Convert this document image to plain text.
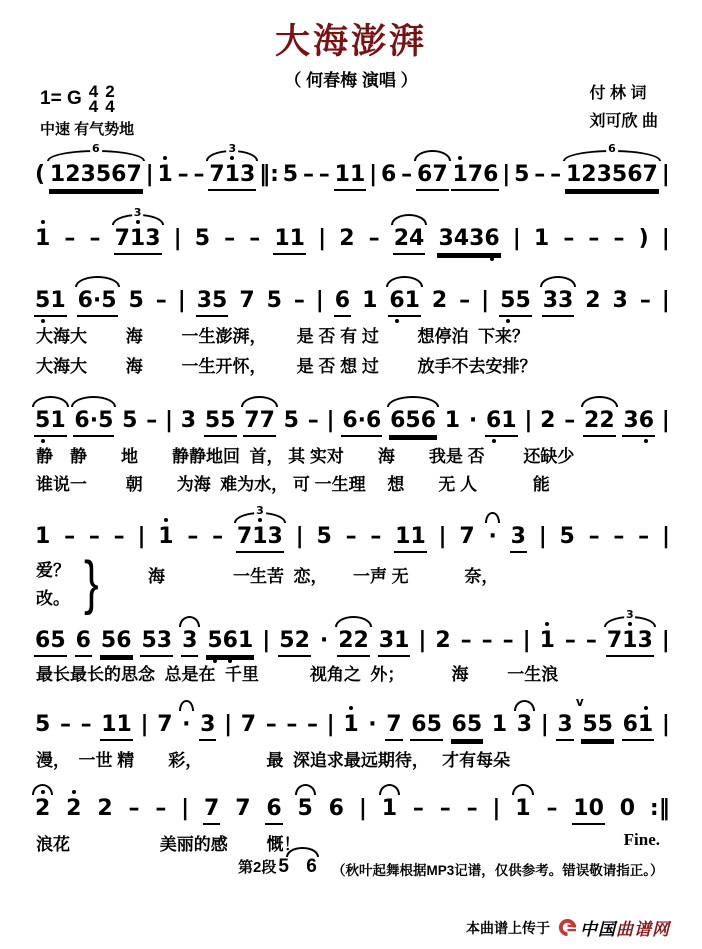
大海澎湃
（ 何春梅 演唱 ）
1= G 4
4
2
4
中速 有气势地
付 林 词
刘可欣 曲
( 123567
6
| 1 – – 713
3
‖: 5 – – 11 | 6 – 67 176 | 5 – – 123567
6
|
1 – – 713
3
| 5 – – 11 | 2 – 24 3436 | 1 – – – ) |
51 6·5 5 – | 35 7 5 – | 6 1 61 2 – | 55 33 2 3 – |
51 6·5 5 – | 3 55 77 5 – | 6·6 656 1 · 61 | 2 – 22 36 |
1 – – – | 1 – – 713
3
| 5 – – 11 | 7 · 3 | 5 – – – |
65 6 56 53 3 561 | 52 · 22 31 | 2 – – – | 1 – – 713
3
|
5 – – 11 | 7 · 3 | 7 – – – | 1 · 7 65 65 1 3 | 3
v
55 61 |
2 2 2 – – | 7 7 6 5 6 | 1 – – – | 1 – 10 0 :‖
大海大　　 海　　 一生澎湃，　　 是 否 有 过　　 想停泊  下来？
大海大　　 海　　 一生开怀，　　 是 否 想 过　　 放手不去安排？
静　静　　地　　静静地回  首， 其 实对　　海　　我是 否　　 还缺少
谁说一　　 朝　　为海  难为水， 可 一生理　 想　　无 人　　　 能
爱？
改。 }	海　　　　一生苦  恋，　　一声 无　　　 奈，
最长最长的思念  总是在  千里　　　视角之  外；　　　 海　　 一生浪
漫，　一世 精　　彩，　　　　 最  深追求最远期待，　 才有每朵
浪花　　　　　 美丽的感　　 慨！	Fine.
第2段 5 6 （秋叶起舞根据MP3记谱，仅供参考。错误敬请指正。）
本曲谱上传于 中国 曲谱网
